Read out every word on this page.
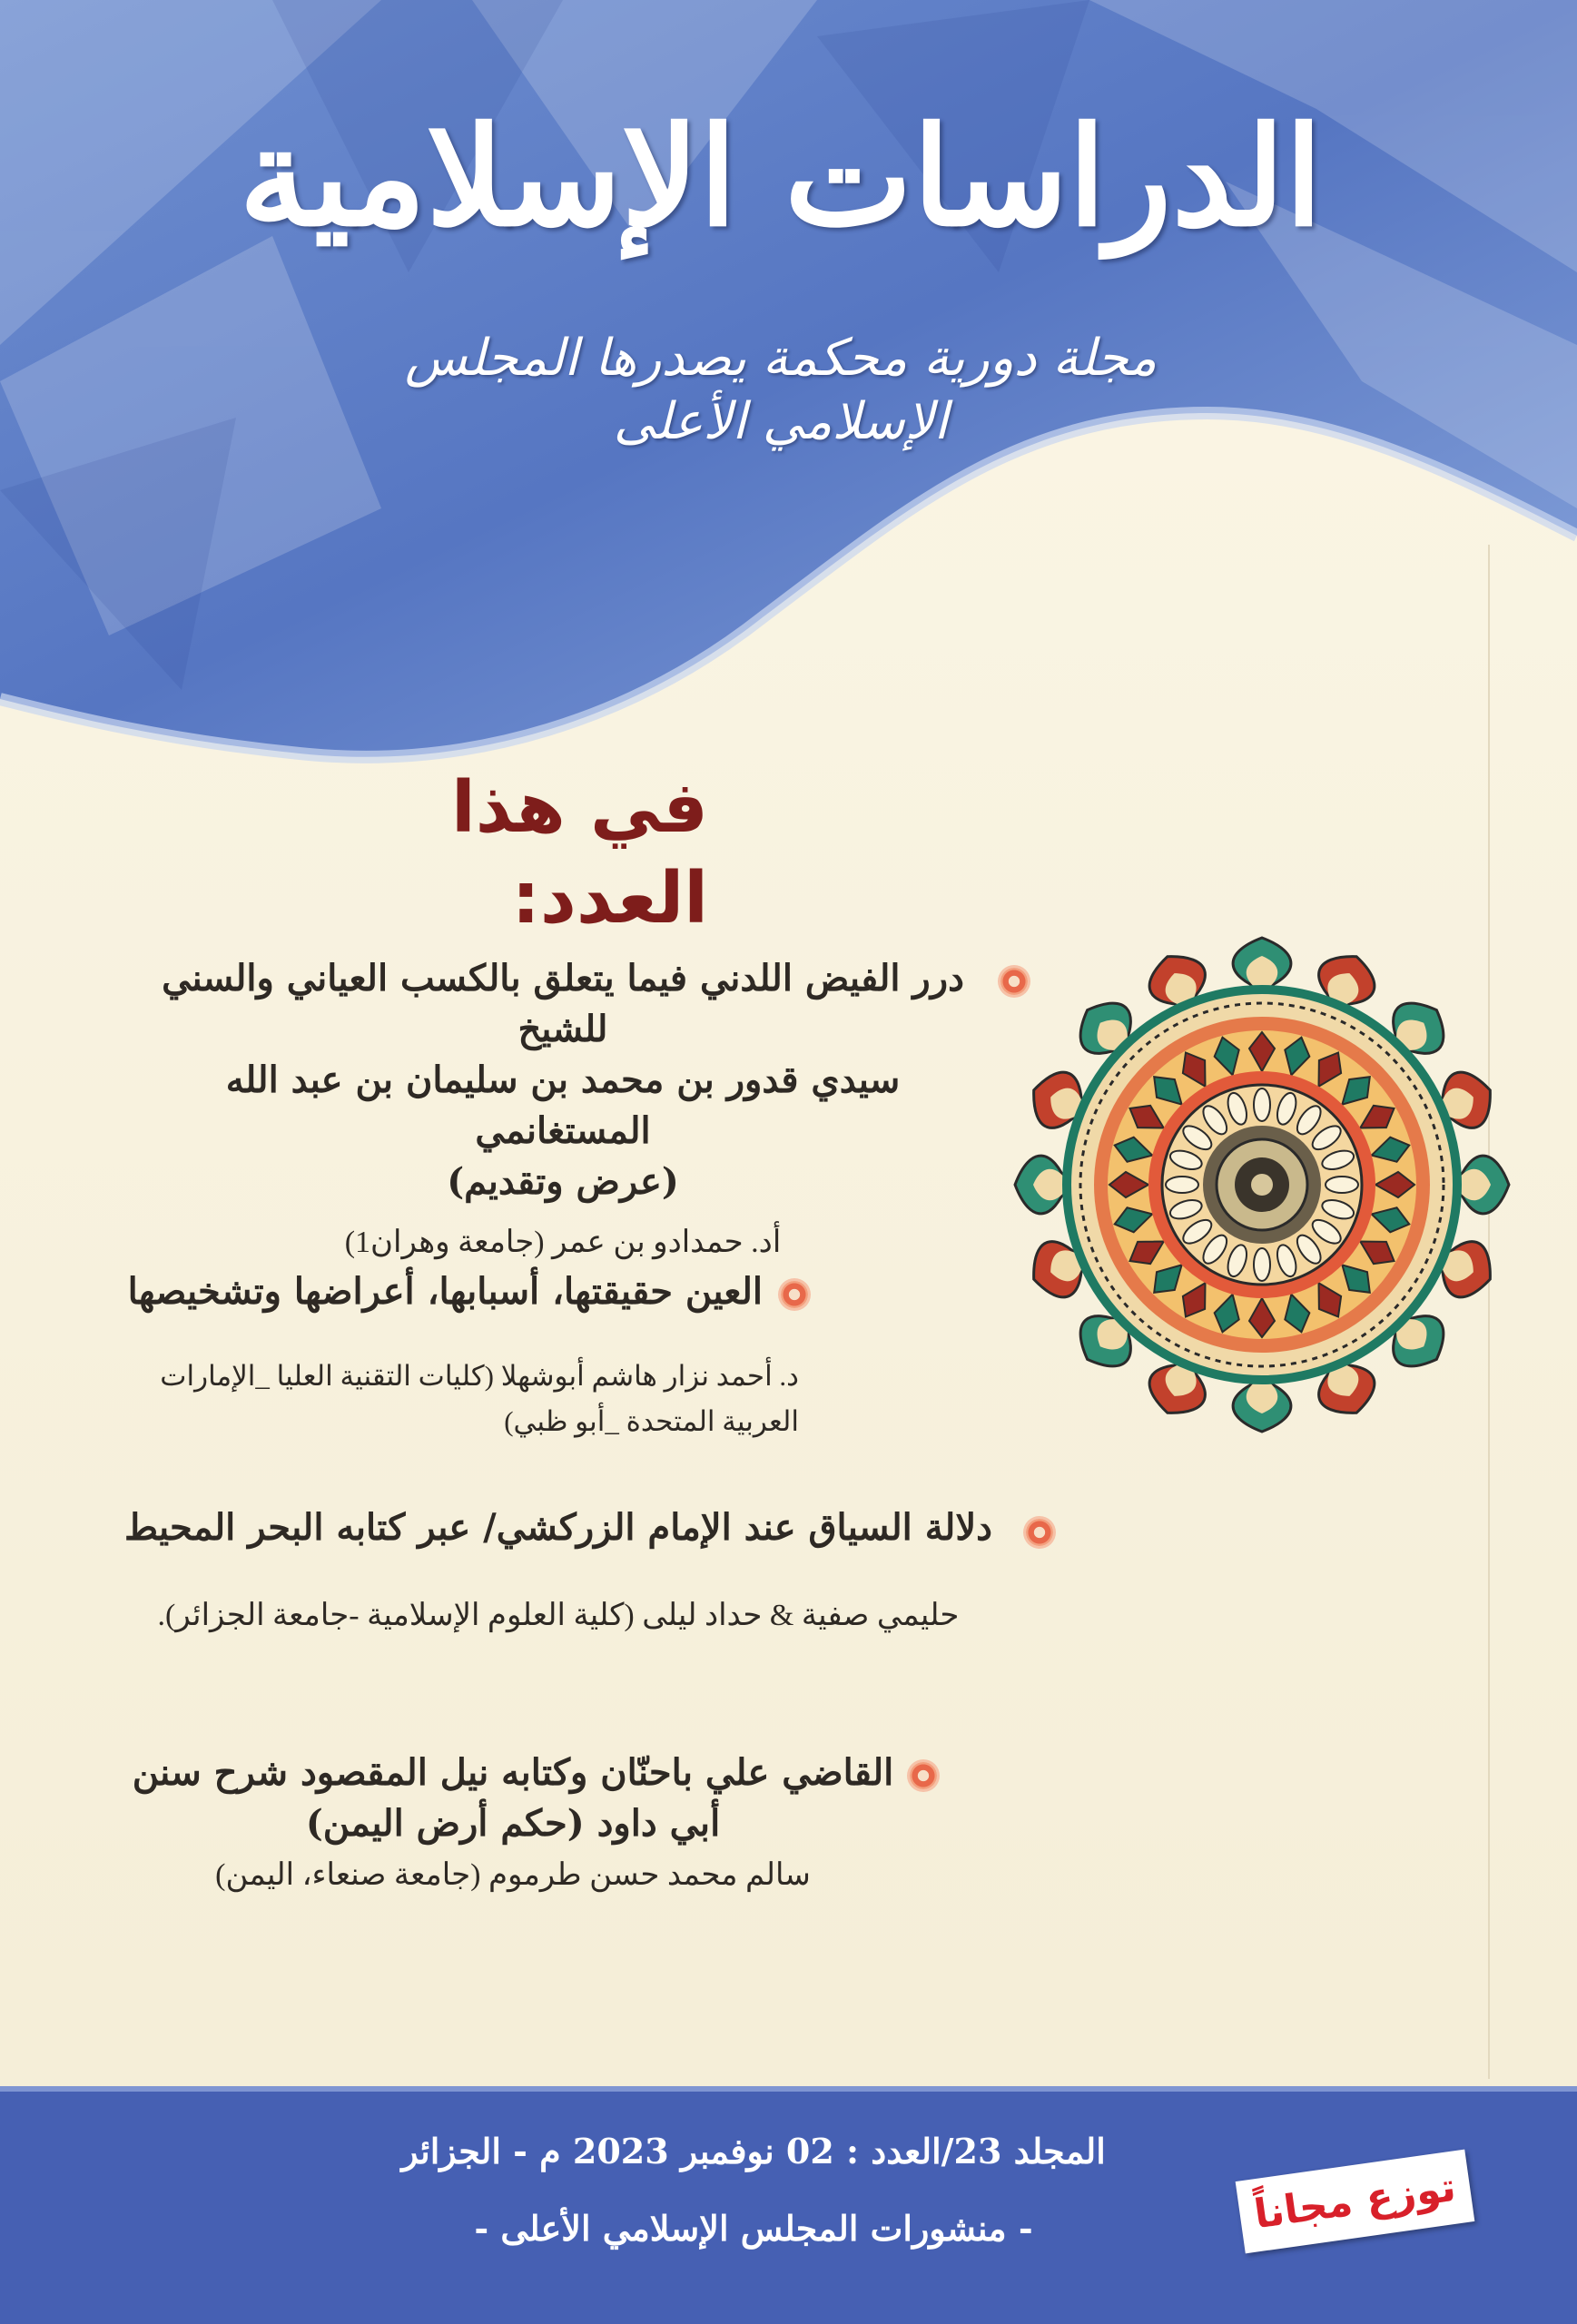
الدراسات الإسلامية
مجلة دورية محكمة يصدرها المجلس الإسلامي الأعلى
في هذا العدد:
درر الفيض اللدني فيما يتعلق بالكسب العياني والسني للشيخ
سيدي قدور بن محمد بن سليمان بن عبد الله المستغانمي
(عرض وتقديم)
أد. حمدادو بن عمر (جامعة وهران1)
العين حقيقتها، أسبابها، أعراضها وتشخيصها
د. أحمد نزار هاشم أبوشهلا (كليات التقنية العليا _الإمارات العربية المتحدة _أبو ظبي)
دلالة السياق عند الإمام الزركشي/ عبر كتابه البحر المحيط
حليمي صفية & حداد ليلى (كلية العلوم الإسلامية -جامعة الجزائر).
القاضي علي باحنّان وكتابه نيل المقصود شرح سنن
أبي داود (حكم أرض اليمن)
سالم محمد حسن طرموم (جامعة صنعاء، اليمن)
المجلد 23/العدد : 02 نوفمبر 2023 م - الجزائر
- منشورات المجلس الإسلامي الأعلى -	توزع مجاناً
